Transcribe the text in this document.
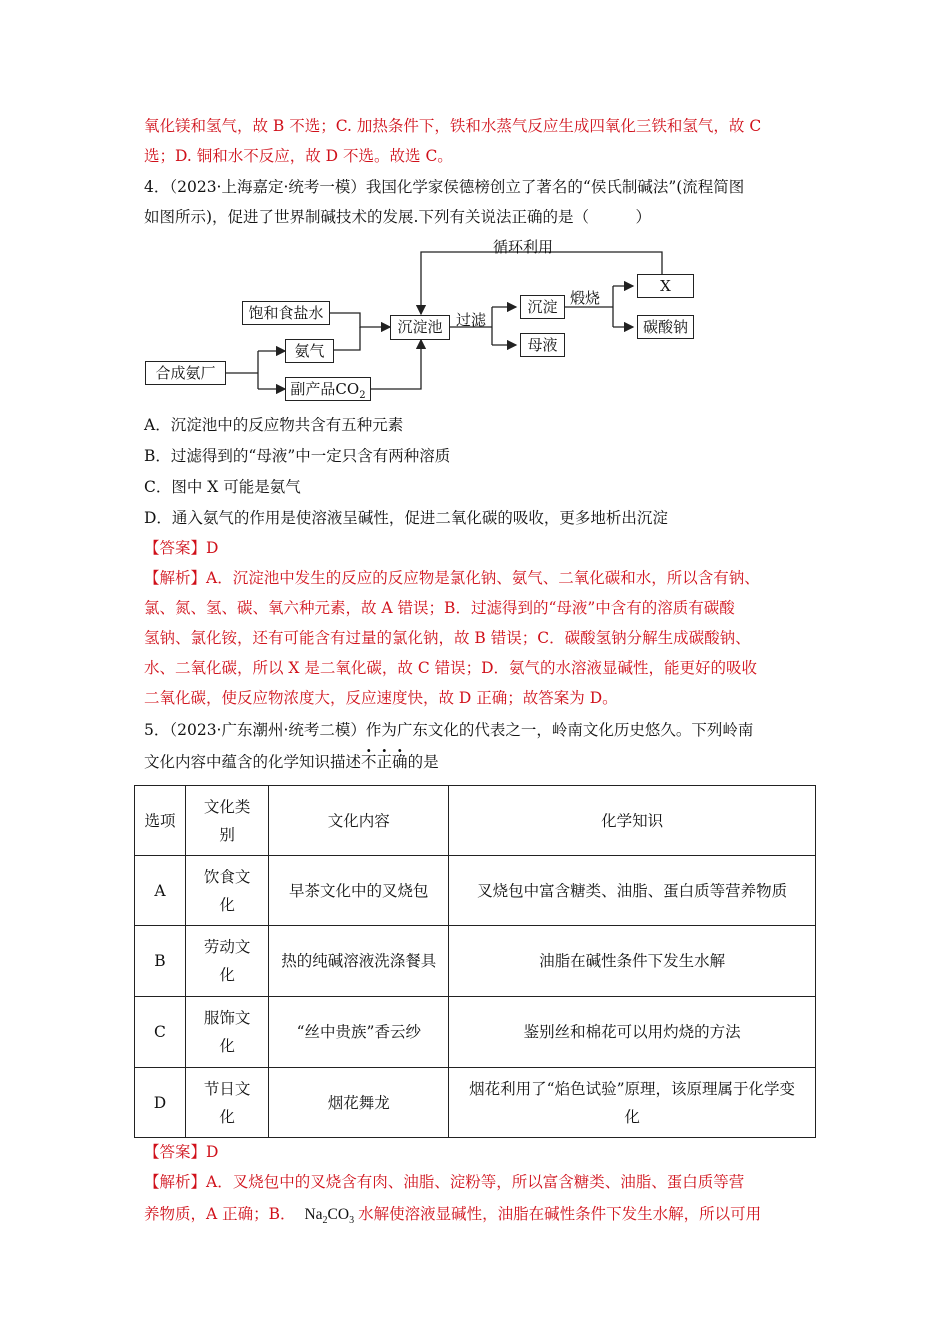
氧化镁和氢气，故 B 不选；C. 加热条件下，铁和水蒸气反应生成四氧化三铁和氢气，故 C
选；D. 铜和水不反应，故 D 不选。故选 C。
4．（2023·上海嘉定·统考一模）我国化学家侯德榜创立了著名的“侯氏制碱法”(流程简图
如图所示)，促进了世界制碱技术的发展.下列有关说法正确的是（　　　）
循环利用
饱和食盐水
氨气
合成氨厂
副产品$CO_2$
沉淀池 过滤
沉淀
母液
煅烧
X
碳酸钠
A．沉淀池中的反应物共含有五种元素
B．过滤得到的“母液”中一定只含有两种溶质
C．图中 X 可能是氨气
D．通入氨气的作用是使溶液呈碱性，促进二氧化碳的吸收，更多地析出沉淀
【答案】D
【解析】A．沉淀池中发生的反应的反应物是氯化钠、氨气、二氧化碳和水，所以含有钠、
氯、氮、氢、碳、氧六种元素，故 A 错误；B．过滤得到的“母液”中含有的溶质有碳酸
氢钠、氯化铵，还有可能含有过量的氯化钠，故 B 错误；C．碳酸氢钠分解生成碳酸钠、
水、二氧化碳，所以 X 是二氧化碳，故 C 错误；D．氨气的水溶液显碱性，能更好的吸收
二氧化碳，使反应物浓度大，反应速度快，故 D 正确；故答案为 D。
5．（2023·广东潮州·统考二模）作为广东文化的代表之一，岭南文化历史悠久。下列岭南
文化内容中蕴含的化学知识描述不正确的是
选项	文化类别	文化内容	化学知识
A	饮食文化	早茶文化中的叉烧包	叉烧包中富含糖类、油脂、蛋白质等营养物质
B	劳动文化	热的纯碱溶液洗涤餐具	油脂在碱性条件下发生水解
C	服饰文化	“丝中贵族”香云纱	鉴别丝和棉花可以用灼烧的方法
D	节日文化	烟花舞龙	烟花利用了“焰色试验”原理，该原理属于化学变化
【答案】D
【解析】A．叉烧包中的叉烧含有肉、油脂、淀粉等，所以富含糖类、油脂、蛋白质等营
养物质，A 正确；B． $Na_2CO_3$ 水解使溶液显碱性，油脂在碱性条件下发生水解，所以可用
